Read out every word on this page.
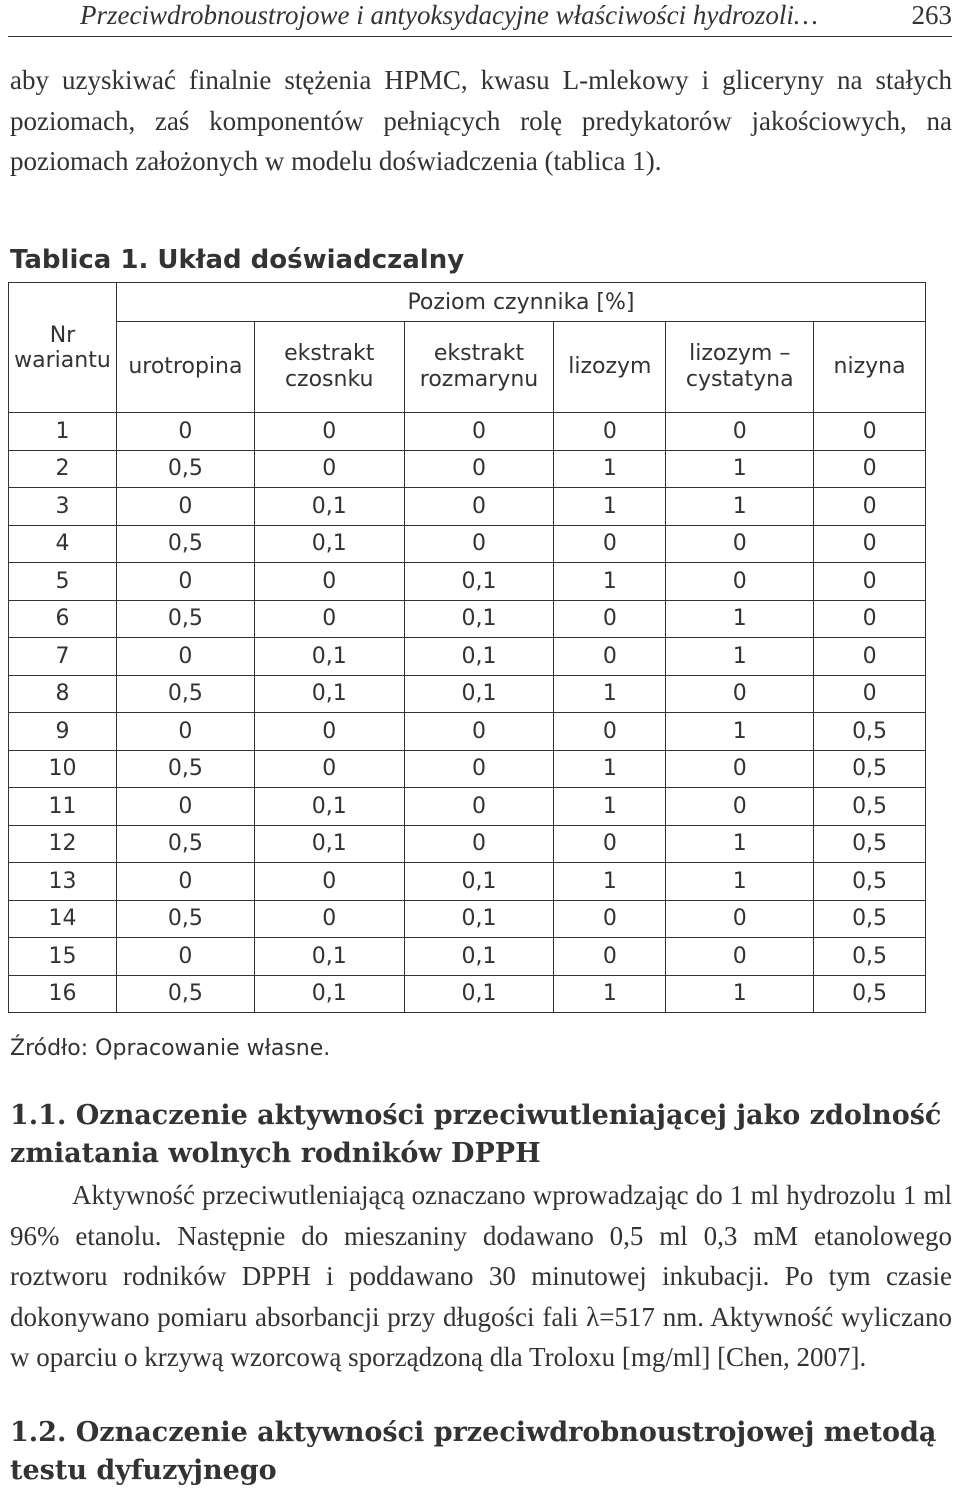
Przeciwdrobnoustrojowe i antyoksydacyjne właściwości hydrozoli…	263
aby uzyskiwać finalnie stężenia HPMC, kwasu L-mlekowy i gliceryny na stałych poziomach, zaś komponentów pełniących rolę predykatorów jakościowych, na poziomach założonych w modelu doświadczenia (tablica 1).
Tablica 1. Układ doświadczalny
Nr wariantu	Poziom czynnika [%]					
	urotropina	ekstrakt czosnku	ekstrakt rozmarynu	lizozym	lizozym – cystatyna	nizyna
1	0	0	0	0	0	0
2	0,5	0	0	1	1	0
3	0	0,1	0	1	1	0
4	0,5	0,1	0	0	0	0
5	0	0	0,1	1	0	0
6	0,5	0	0,1	0	1	0
7	0	0,1	0,1	0	1	0
8	0,5	0,1	0,1	1	0	0
9	0	0	0	0	1	0,5
10	0,5	0	0	1	0	0,5
11	0	0,1	0	1	0	0,5
12	0,5	0,1	0	0	1	0,5
13	0	0	0,1	1	1	0,5
14	0,5	0	0,1	0	0	0,5
15	0	0,1	0,1	0	0	0,5
16	0,5	0,1	0,1	1	1	0,5
Źródło: Opracowanie własne.
1.1. Oznaczenie aktywności przeciwutleniającej jako zdolność zmiatania wolnych rodników DPPH
Aktywność przeciwutleniającą oznaczano wprowadzając do 1 ml hydrozolu 1 ml 96% etanolu. Następnie do mieszaniny dodawano 0,5 ml 0,3 mM etanolowego roztworu rodników DPPH i poddawano 30 minutowej inkubacji. Po tym czasie dokonywano pomiaru absorbancji przy długości fali λ=517 nm. Aktywność wyliczano w oparciu o krzywą wzorcową sporządzoną dla Troloxu [mg/ml] [Chen, 2007].
1.2. Oznaczenie aktywności przeciwdrobnoustrojowej metodą testu dyfuzyjnego
